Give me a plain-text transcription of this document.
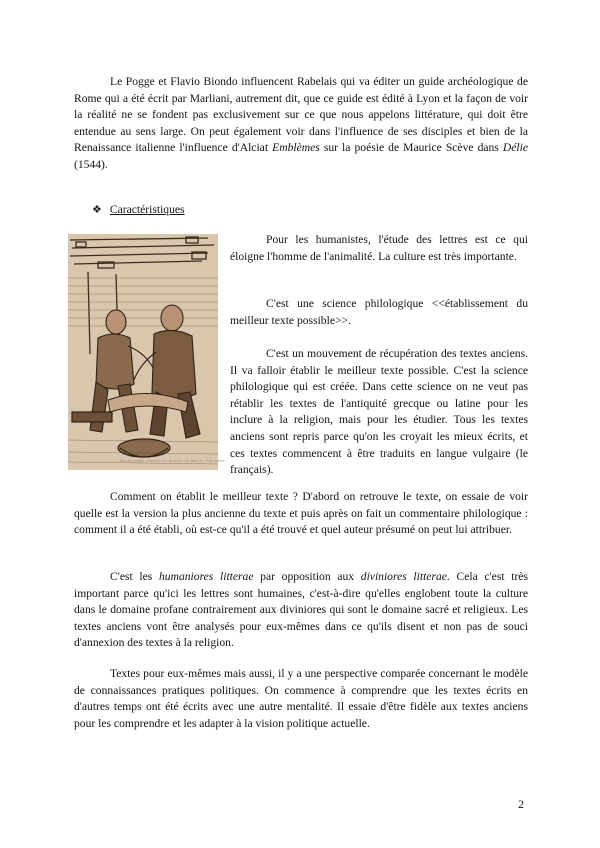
Le Pogge et Flavio Biondo influencent Rabelais qui va éditer un guide archéologique de Rome qui a été écrit par Marliani, autrement dit, que ce guide est édité à Lyon et la façon de voir la réalité ne se fondent pas exclusivement sur ce que nous appelons littérature, qui doit être entendue au sens large. On peut également voir dans l'influence de ses disciples et bien de la Renaissance italienne l'influence d'Alciat Emblèmes sur la poésie de Maurice Scève dans Délie (1544).

❖ Caractéristiques
Un chirurgien, d'après une gravure sur bois du XVIe siècle

Pour les humanistes, l'étude des lettres est ce qui éloigne l'homme de l'animalité. La culture est très importante.

C'est une science philologique <<établissement du meilleur texte possible>>.

C'est un mouvement de récupération des textes anciens. Il va falloir établir le meilleur texte possible. C'est la science philologique qui est créée. Dans cette science on ne veut pas rétablir les textes de l'antiquité grecque ou latine pour les inclure à la religion, mais pour les étudier. Tous les textes anciens sont repris parce qu'on les croyait les mieux écrits, et ces textes commencent à être traduits en langue vulgaire (le français).

Comment on établit le meilleur texte ? D'abord on retrouve le texte, on essaie de voir quelle est la version la plus ancienne du texte et puis après on fait un commentaire philologique : comment il a été établi, où est-ce qu'il a été trouvé et quel auteur présumé on peut lui attribuer.

C'est les humaniores litterae par opposition aux diviniores litterae. Cela c'est très important parce qu'ici les lettres sont humaines, c'est-à-dire qu'elles englobent toute la culture dans le domaine profane contrairement aux diviniores qui sont le domaine sacré et religieux. Les textes anciens vont être analysés pour eux-mêmes dans ce qu'ils disent et non pas de souci d'annexion des textes à la religion.

Textes pour eux-mêmes mais aussi, il y a une perspective comparée concernant le modèle de connaissances pratiques politiques. On commence à comprendre que les textes écrits en d'autres temps ont été écrits avec une autre mentalité. Il essaie d'être fidèle aux textes anciens pour les comprendre et les adapter à la vision politique actuelle.

2
